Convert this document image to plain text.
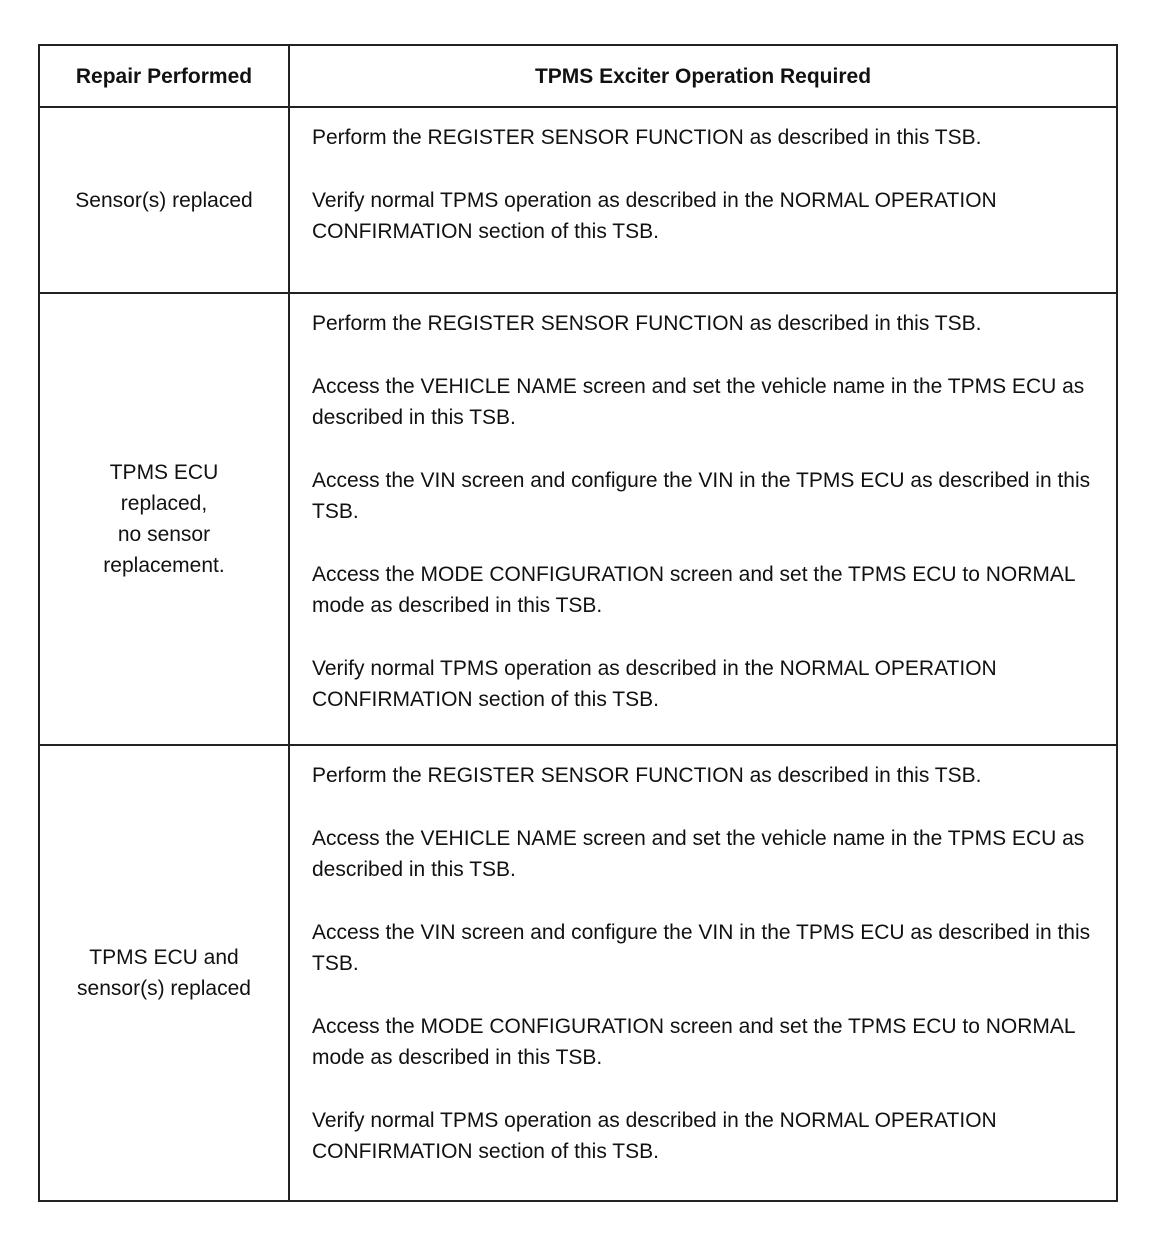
Repair Performed	TPMS Exciter Operation Required
Sensor(s) replaced

Perform the REGISTER SENSOR FUNCTION as described in this TSB.

Verify normal TPMS operation as described in the NORMAL OPERATION CONFIRMATION section of this TSB.

TPMS ECU
replaced,
no sensor
replacement.

Perform the REGISTER SENSOR FUNCTION as described in this TSB.

Access the VEHICLE NAME screen and set the vehicle name in the TPMS ECU as described in this TSB.

Access the VIN screen and configure the VIN in the TPMS ECU as described in this TSB.

Access the MODE CONFIGURATION screen and set the TPMS ECU to NORMAL mode as described in this TSB.

Verify normal TPMS operation as described in the NORMAL OPERATION CONFIRMATION section of this TSB.

TPMS ECU and
sensor(s) replaced

Perform the REGISTER SENSOR FUNCTION as described in this TSB.

Access the VEHICLE NAME screen and set the vehicle name in the TPMS ECU as described in this TSB.

Access the VIN screen and configure the VIN in the TPMS ECU as described in this TSB.

Access the MODE CONFIGURATION screen and set the TPMS ECU to NORMAL mode as described in this TSB.

Verify normal TPMS operation as described in the NORMAL OPERATION CONFIRMATION section of this TSB.
